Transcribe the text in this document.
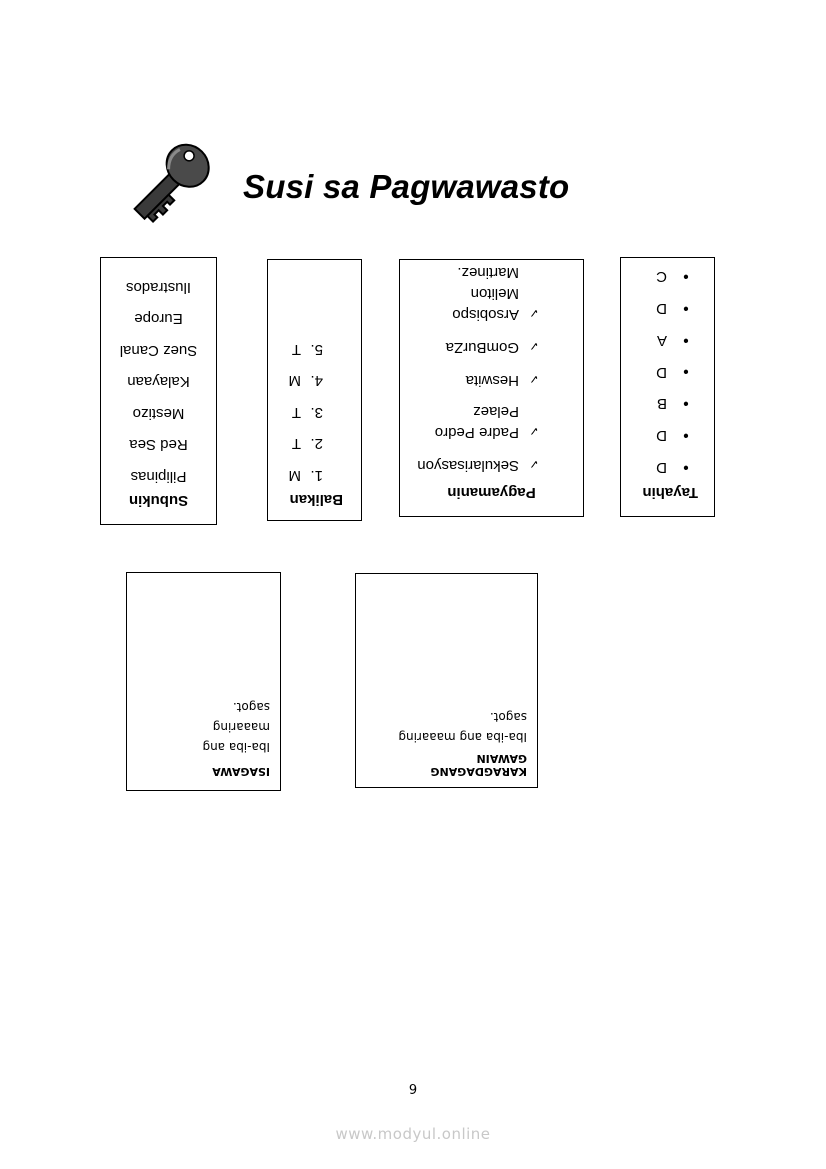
Susi sa Pagwawasto
Subukin
Pilipinas
Red Sea
Mestizo
Kalayaan
Suez Canal
Europe
Ilustrados
Balikan
1.M
2.T
3.T
4.M
5.T
Pagyamanin
✓
Sekularisasyon
✓
Padre Pedro Pelaez
✓
Heswita
✓
GomBurZa
✓
Arsobispo Meliton Martinez.
Tayahin
●D
●D
●B
●D
●A
●D
●C
ISAGAWA
Iba-iba ang maaaring sagot.
KARAGDAGANG GAWAIN
Iba-iba ang maaaring sagot.
9
www.modyul.online
